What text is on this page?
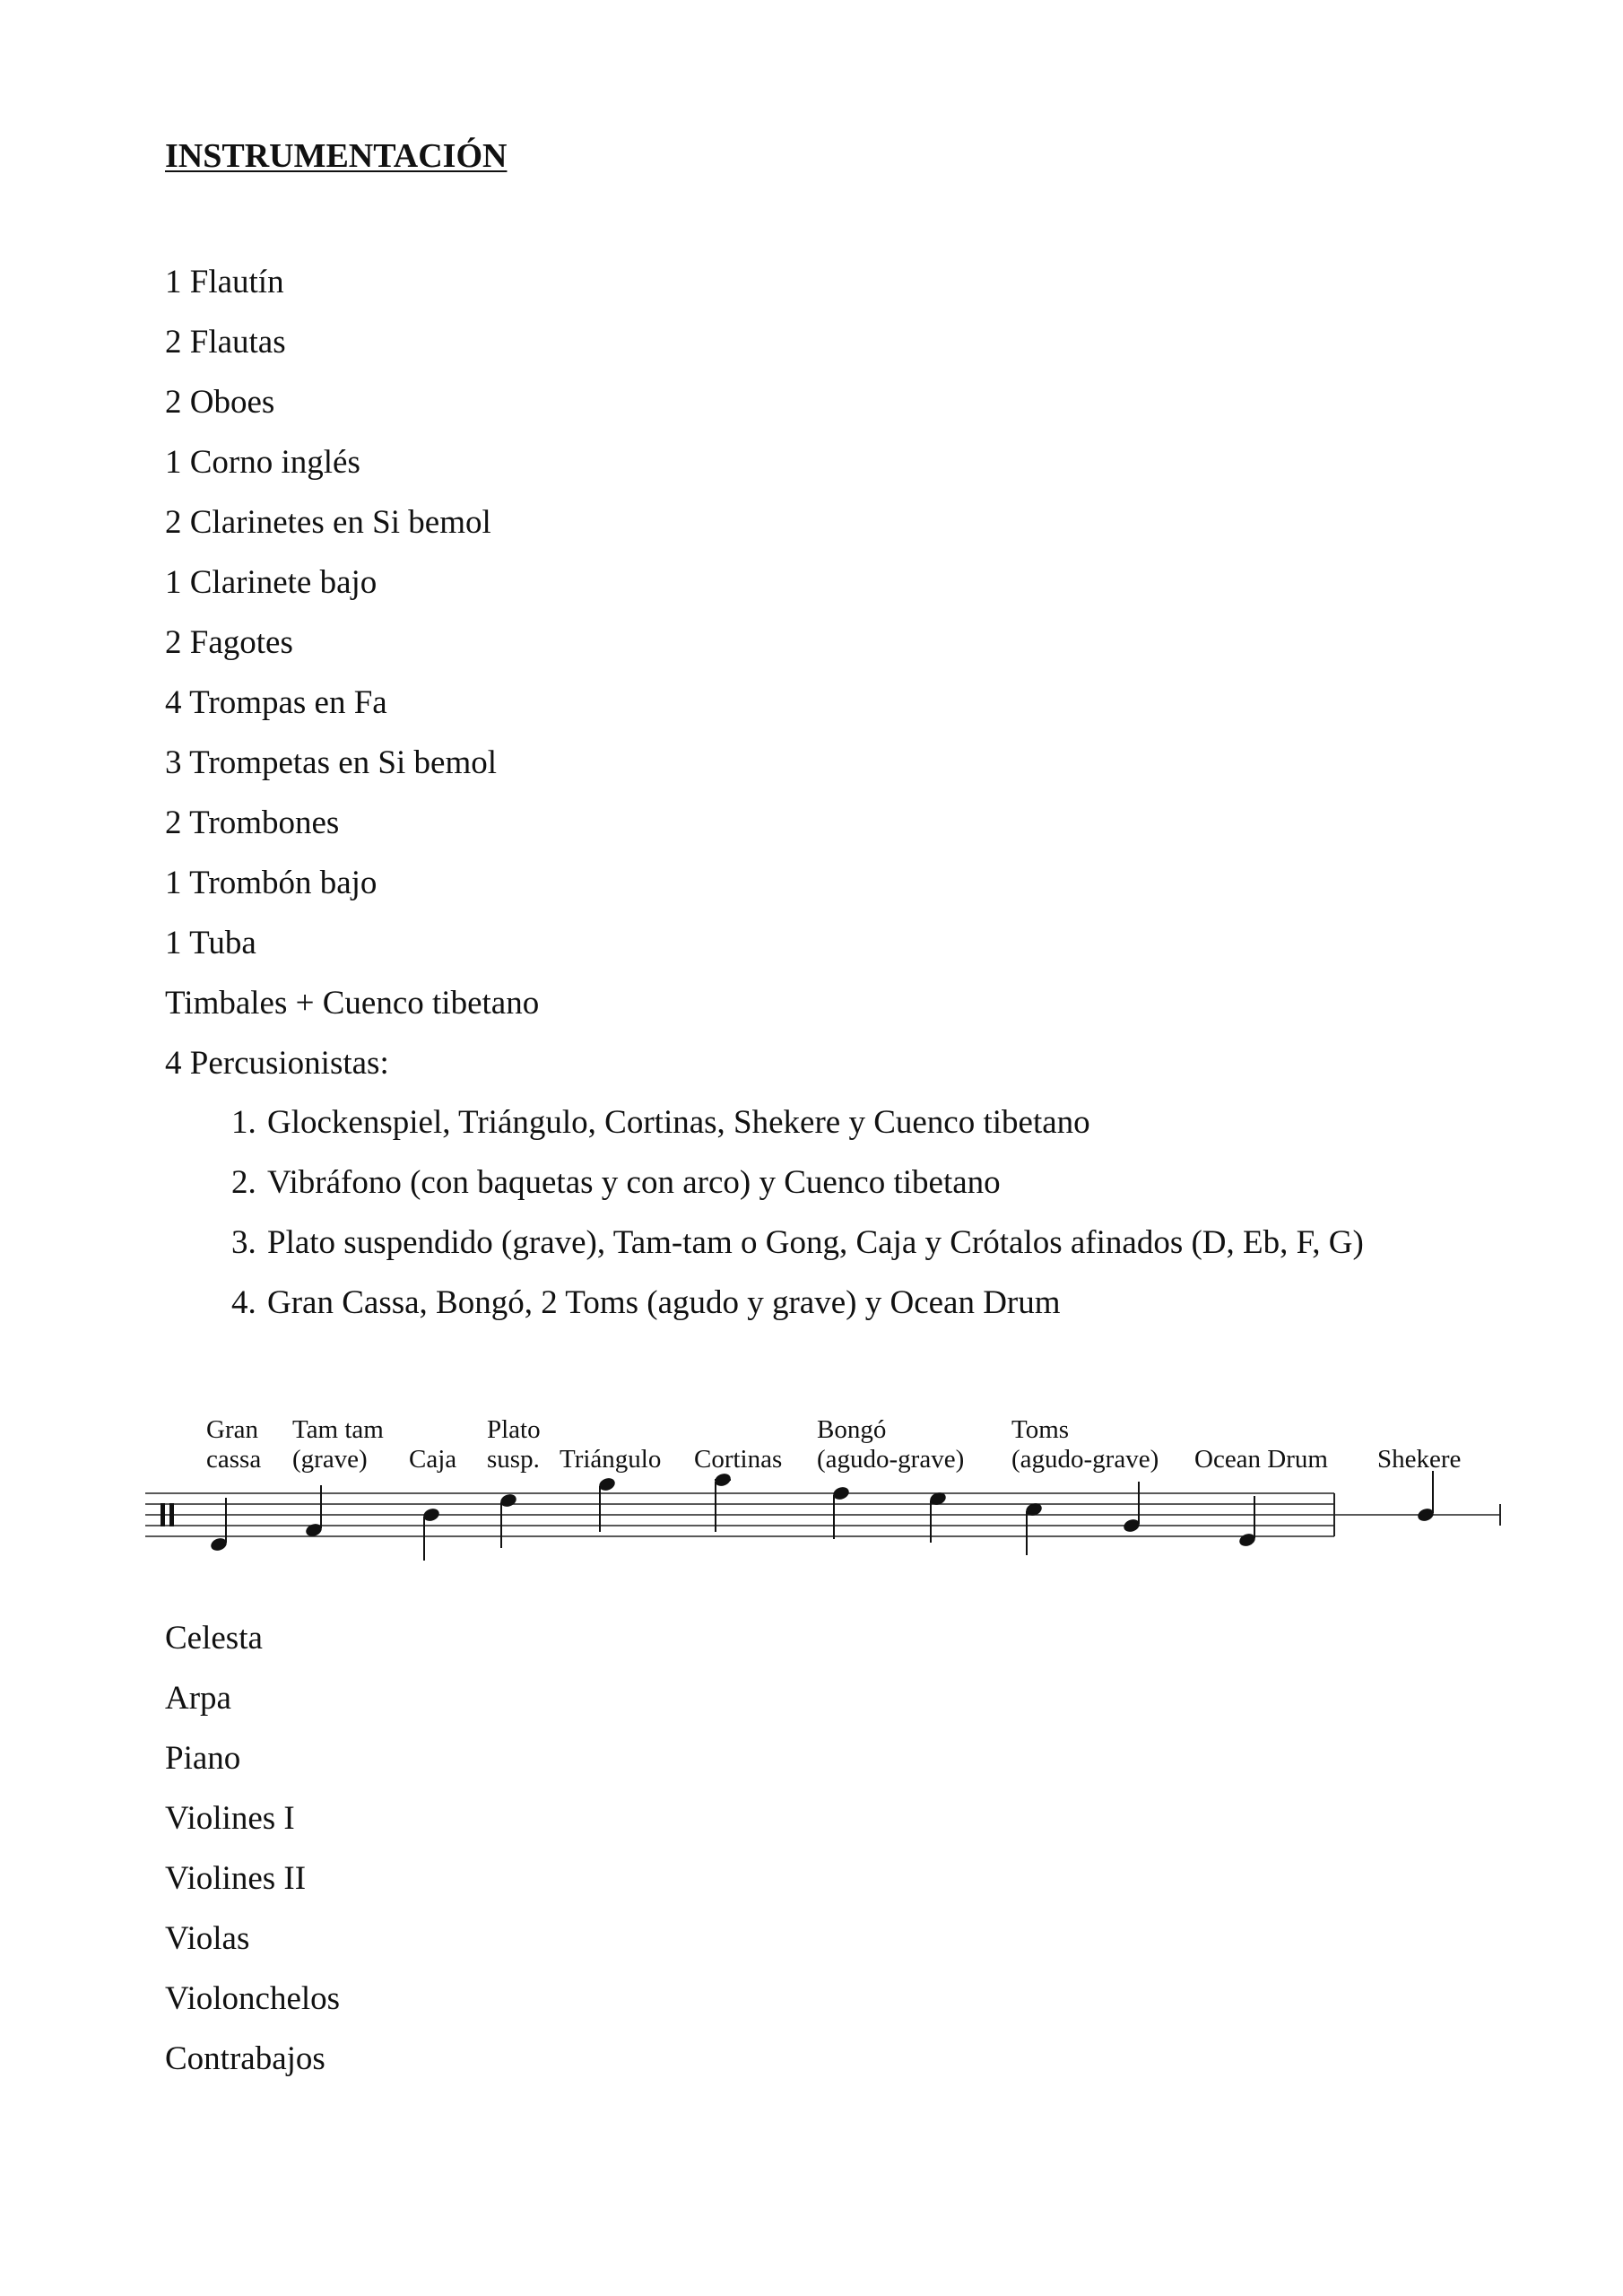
INSTRUMENTACIÓN
1 Flautín
2 Flautas
2 Oboes
1 Corno inglés
2 Clarinetes en Si bemol
1 Clarinete bajo
2 Fagotes
4 Trompas en Fa
3 Trompetas en Si bemol
2 Trombones
1 Trombón bajo
1 Tuba
Timbales + Cuenco tibetano
4 Percusionistas:
1. Glockenspiel, Triángulo, Cortinas, Shekere y Cuenco tibetano
2. Vibráfono (con baquetas y con arco) y Cuenco tibetano
3. Plato suspendido (grave), Tam-tam o Gong, Caja y Crótalos afinados (D, Eb, F, G)
4. Gran Cassa, Bongó, 2 Toms (agudo y grave) y Ocean Drum
Gran
cassa
Tam tam
(grave) Caja
Plato
susp. Triángulo Cortinas
Bongó
(agudo-grave)
Toms
(agudo-grave) Ocean Drum Shekere
Celesta
Arpa
Piano
Violines I
Violines II
Violas
Violonchelos
Contrabajos
